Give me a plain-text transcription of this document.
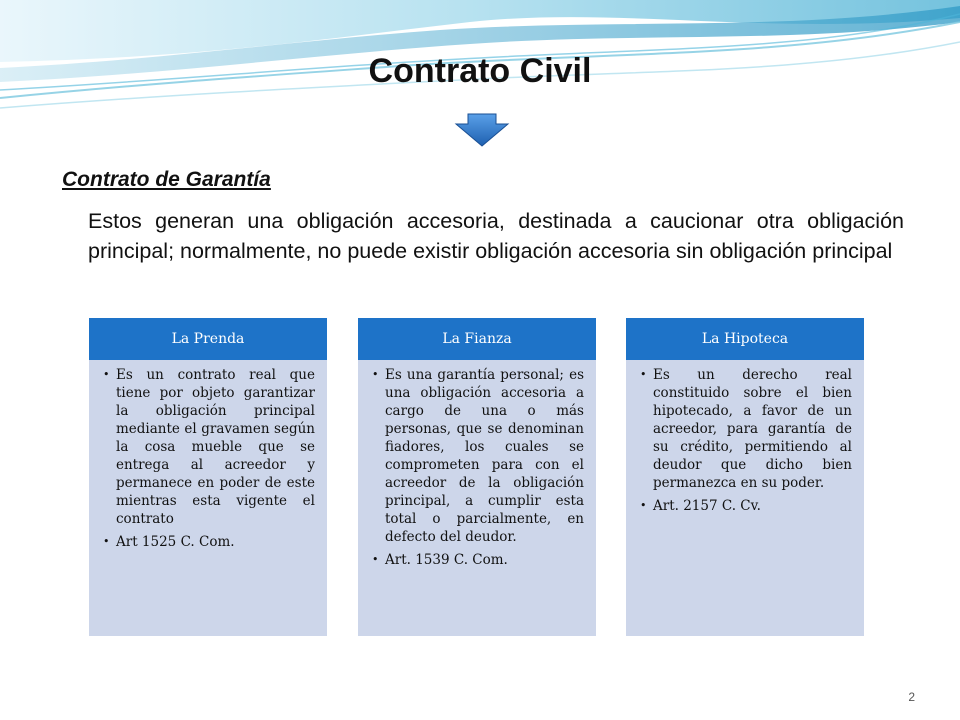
Contrato Civil
Contrato de Garantía
Estos generan una obligación accesoria, destinada a caucionar otra obligación principal; normalmente, no puede existir obligación accesoria sin obligación principal
La Prenda
• Es un contrato real que tiene por objeto garantizar la obligación principal mediante el gravamen según la cosa mueble que se entrega al acreedor y permanece en poder de este mientras esta vigente el contrato
• Art 1525 C. Com.
La Fianza
• Es una garantía personal; es una obligación accesoria a cargo de una o más personas, que se denominan fiadores, los cuales se comprometen para con el acreedor de la obligación principal, a cumplir esta total o parcialmente, en defecto del deudor.
• Art. 1539 C. Com.
La Hipoteca
• Es un derecho real constituido sobre el bien hipotecado, a favor de un acreedor, para garantía de su crédito, permitiendo al deudor que dicho bien permanezca en su poder.
• Art. 2157 C. Cv.
2
